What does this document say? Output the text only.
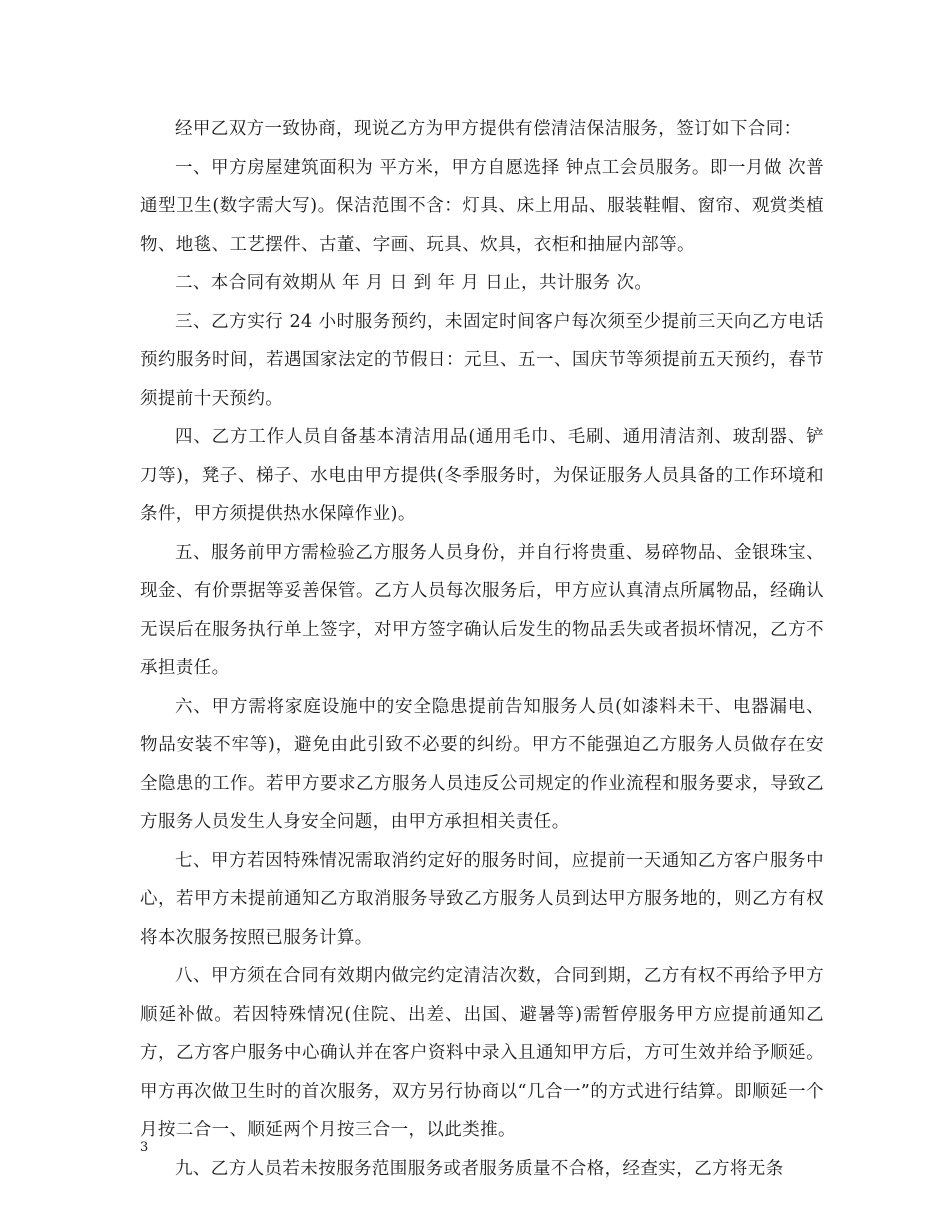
经甲乙双方一致协商，现说乙方为甲方提供有偿清洁保洁服务，签订如下合同：

一、甲方房屋建筑面积为 平方米，甲方自愿选择 钟点工会员服务。即一月做 次普通型卫生(数字需大写)。保洁范围不含：灯具、床上用品、服装鞋帽、窗帘、观赏类植物、地毯、工艺摆件、古董、字画、玩具、炊具，衣柜和抽屉内部等。

二、本合同有效期从 年 月 日 到 年 月 日止，共计服务 次。

三、乙方实行 24 小时服务预约，未固定时间客户每次须至少提前三天向乙方电话预约服务时间，若遇国家法定的节假日：元旦、五一、国庆节等须提前五天预约，春节须提前十天预约。

四、乙方工作人员自备基本清洁用品(通用毛巾、毛刷、通用清洁剂、玻刮器、铲刀等)，凳子、梯子、水电由甲方提供(冬季服务时，为保证服务人员具备的工作环境和条件，甲方须提供热水保障作业)。

五、服务前甲方需检验乙方服务人员身份，并自行将贵重、易碎物品、金银珠宝、现金、有价票据等妥善保管。乙方人员每次服务后，甲方应认真清点所属物品，经确认无误后在服务执行单上签字，对甲方签字确认后发生的物品丢失或者损坏情况，乙方不承担责任。

六、甲方需将家庭设施中的安全隐患提前告知服务人员(如漆料未干、电器漏电、物品安装不牢等)，避免由此引致不必要的纠纷。甲方不能强迫乙方服务人员做存在安全隐患的工作。若甲方要求乙方服务人员违反公司规定的作业流程和服务要求，导致乙方服务人员发生人身安全问题，由甲方承担相关责任。

七、甲方若因特殊情况需取消约定好的服务时间，应提前一天通知乙方客户服务中心，若甲方未提前通知乙方取消服务导致乙方服务人员到达甲方服务地的，则乙方有权将本次服务按照已服务计算。

八、甲方须在合同有效期内做完约定清洁次数，合同到期，乙方有权不再给予甲方顺延补做。若因特殊情况(住院、出差、出国、避暑等)需暂停服务甲方应提前通知乙方，乙方客户服务中心确认并在客户资料中录入且通知甲方后，方可生效并给予顺延。甲方再次做卫生时的首次服务，双方另行协商以“几合一”的方式进行结算。即顺延一个月按二合一、顺延两个月按三合一，以此类推。

九、乙方人员若未按服务范围服务或者服务质量不合格，经查实，乙方将无条

3
